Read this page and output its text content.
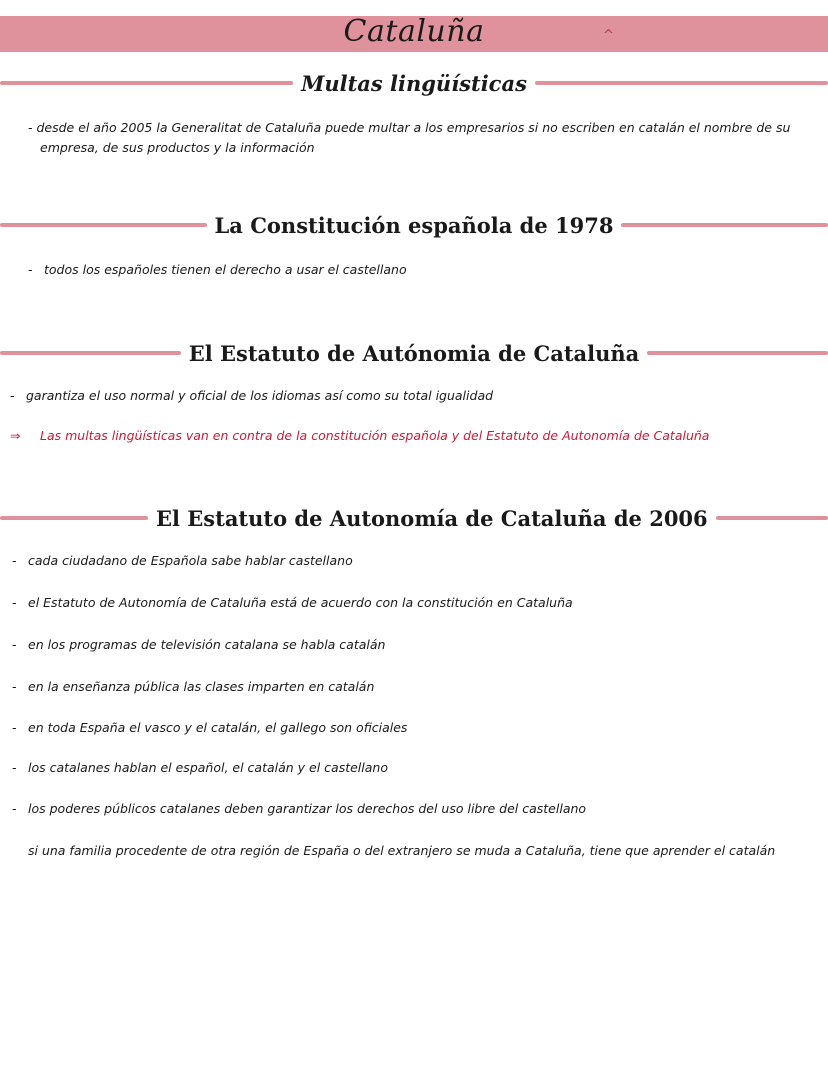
Cataluña	^
Multas lingüísticas
- desde el año 2005 la Generalitat de Cataluña puede multar a los empresarios si no escriben en catalán el nombre de su empresa, de sus productos y la información
La Constitución española de 1978
- todos los españoles tienen el derecho a usar el castellano
El Estatuto de Autónomia de Cataluña
- garantiza el uso normal y oficial de los idiomas así como su total igualidad
⇒ Las multas lingüísticas van en contra de la constitución española y del Estatuto de Autonomía de Cataluña
El Estatuto de Autonomía de Cataluña de 2006
- cada ciudadano de Española sabe hablar castellano
- el Estatuto de Autonomía de Cataluña está de acuerdo con la constitución en Cataluña
- en los programas de televisión catalana se habla catalán
- en la enseñanza pública las clases imparten en catalán
- en toda España el vasco y el catalán, el gallego son oficiales
- los catalanes hablan el español, el catalán y el castellano
- los poderes públicos catalanes deben garantizar los derechos del uso libre del castellano
si una familia procedente de otra región de España o del extranjero se muda a Cataluña, tiene que aprender el catalán
